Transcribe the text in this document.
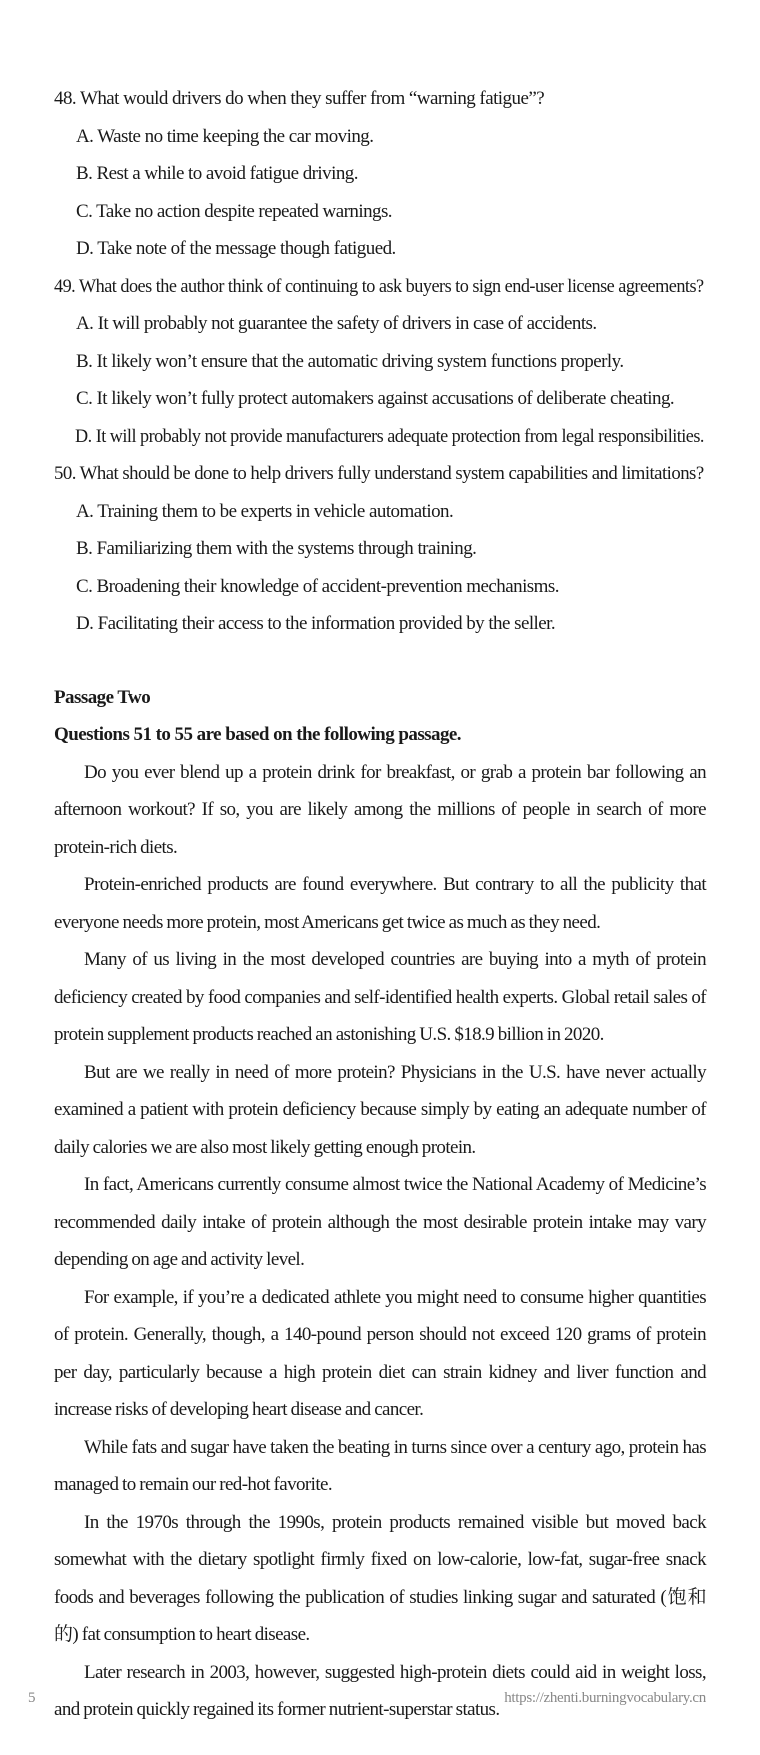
48. What would drivers do when they suffer from “warning fatigue”?
A. Waste no time keeping the car moving.
B. Rest a while to avoid fatigue driving.
C. Take no action despite repeated warnings.
D. Take note of the message though fatigued.
49. What does the author think of continuing to ask buyers to sign end-user license agreements?
A. It will probably not guarantee the safety of drivers in case of accidents.
B. It likely won’t ensure that the automatic driving system functions properly.
C. It likely won’t fully protect automakers against accusations of deliberate cheating.
D. It will probably not provide manufacturers adequate protection from legal responsibilities.
50. What should be done to help drivers fully understand system capabilities and limitations?
A. Training them to be experts in vehicle automation.
B. Familiarizing them with the systems through training.
C. Broadening their knowledge of accident-prevention mechanisms.
D. Facilitating their access to the information provided by the seller.
Passage Two
Questions 51 to 55 are based on the following passage.

Do you ever blend up a protein drink for breakfast, or grab a protein bar following an afternoon workout? If so, you are likely among the millions of people in search of more protein-rich diets.

Protein-enriched products are found everywhere. But contrary to all the publicity that everyone needs more protein, most Americans get twice as much as they need.

Many of us living in the most developed countries are buying into a myth of protein deficiency created by food companies and self-identified health experts. Global retail sales of protein supplement products reached an astonishing U.S. $18.9 billion in 2020.

But are we really in need of more protein? Physicians in the U.S. have never actually examined a patient with protein deficiency because simply by eating an adequate number of daily calories we are also most likely getting enough protein.

In fact, Americans currently consume almost twice the National Academy of Medicine’s recommended daily intake of protein although the most desirable protein intake may vary depending on age and activity level.

For example, if you’re a dedicated athlete you might need to consume higher quantities of protein. Generally, though, a 140-pound person should not exceed 120 grams of protein per day, particularly because a high protein diet can strain kidney and liver function and increase risks of developing heart disease and cancer.

While fats and sugar have taken the beating in turns since over a century ago, protein has managed to remain our red-hot favorite.

In the 1970s through the 1990s, protein products remained visible but moved back somewhat with the dietary spotlight firmly fixed on low-calorie, low-fat, sugar-free snack foods and beverages following the publication of studies linking sugar and saturated (饱和的) fat consumption to heart disease.

Later research in 2003, however, suggested high-protein diets could aid in weight loss, and protein quickly regained its former nutrient-superstar status.

5	https://zhenti.burningvocabulary.cn
